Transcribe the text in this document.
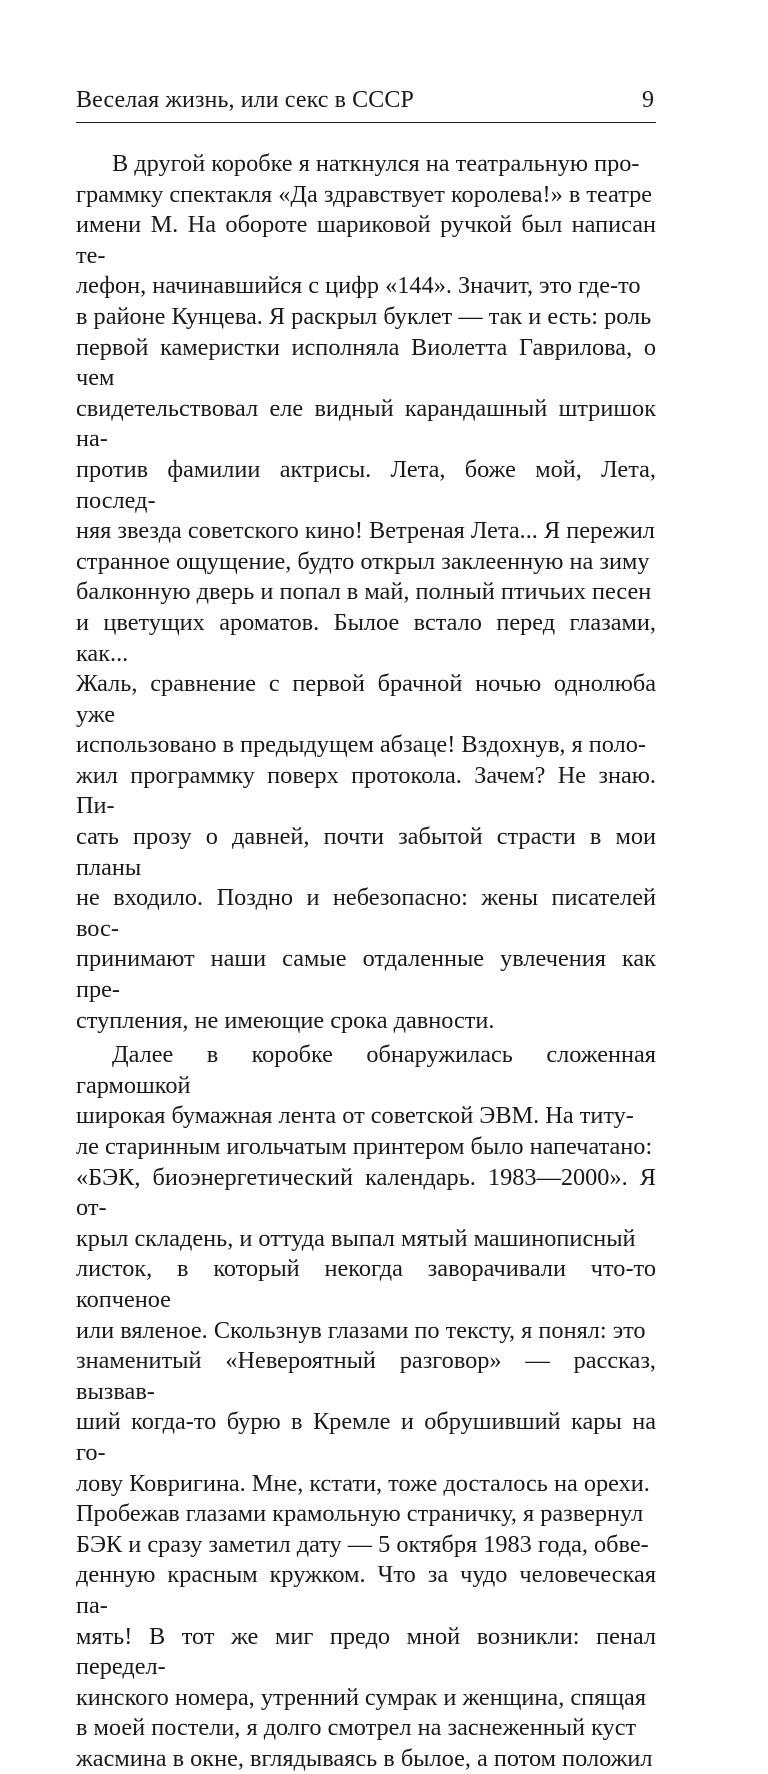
Веселая жизнь, или секс в СССР	9

В другой коробке я наткнулся на театральную про-
граммку спектакля «Да здравствует королева!» в театре
имени М. На обороте шариковой ручкой был написан те-
лефон, начинавшийся с цифр «144». Значит, это где-то
в районе Кунцева. Я раскрыл буклет — так и есть: роль
первой камеристки исполняла Виолетта Гаврилова, о чем
свидетельствовал еле видный карандашный штришок на-
против фамилии актрисы. Лета, боже мой, Лета, послед-
няя звезда советского кино! Ветреная Лета... Я пережил
странное ощущение, будто открыл заклеенную на зиму
балконную дверь и попал в май, полный птичьих песен
и цветущих ароматов. Былое встало перед глазами, как...
Жаль, сравнение с первой брачной ночью однолюба уже
использовано в предыдущем абзаце! Вздохнув, я поло-
жил программку поверх протокола. Зачем? Не знаю. Пи-
сать прозу о давней, почти забытой страсти в мои планы
не входило. Поздно и небезопасно: жены писателей вос-
принимают наши самые отдаленные увлечения как пре-
ступления, не имеющие срока давности.

Далее в коробке обнаружилась сложенная гармошкой
широкая бумажная лента от советской ЭВМ. На титу-
ле старинным игольчатым принтером было напечатано:
«БЭК, биоэнергетический календарь. 1983—2000». Я от-
крыл складень, и оттуда выпал мятый машинописный
листок, в который некогда заворачивали что-то копченое
или вяленое. Скользнув глазами по тексту, я понял: это
знаменитый «Невероятный разговор» — рассказ, вызвав-
ший когда-то бурю в Кремле и обрушивший кары на го-
лову Ковригина. Мне, кстати, тоже досталось на орехи.
Пробежав глазами крамольную страничку, я развернул
БЭК и сразу заметил дату — 5 октября 1983 года, обве-
денную красным кружком. Что за чудо человеческая па-
мять! В тот же миг предо мной возникли: пенал передел-
кинского номера, утренний сумрак и женщина, спящая
в моей постели, я долго смотрел на заснеженный куст
жасмина в окне, вглядываясь в былое, а потом положил
